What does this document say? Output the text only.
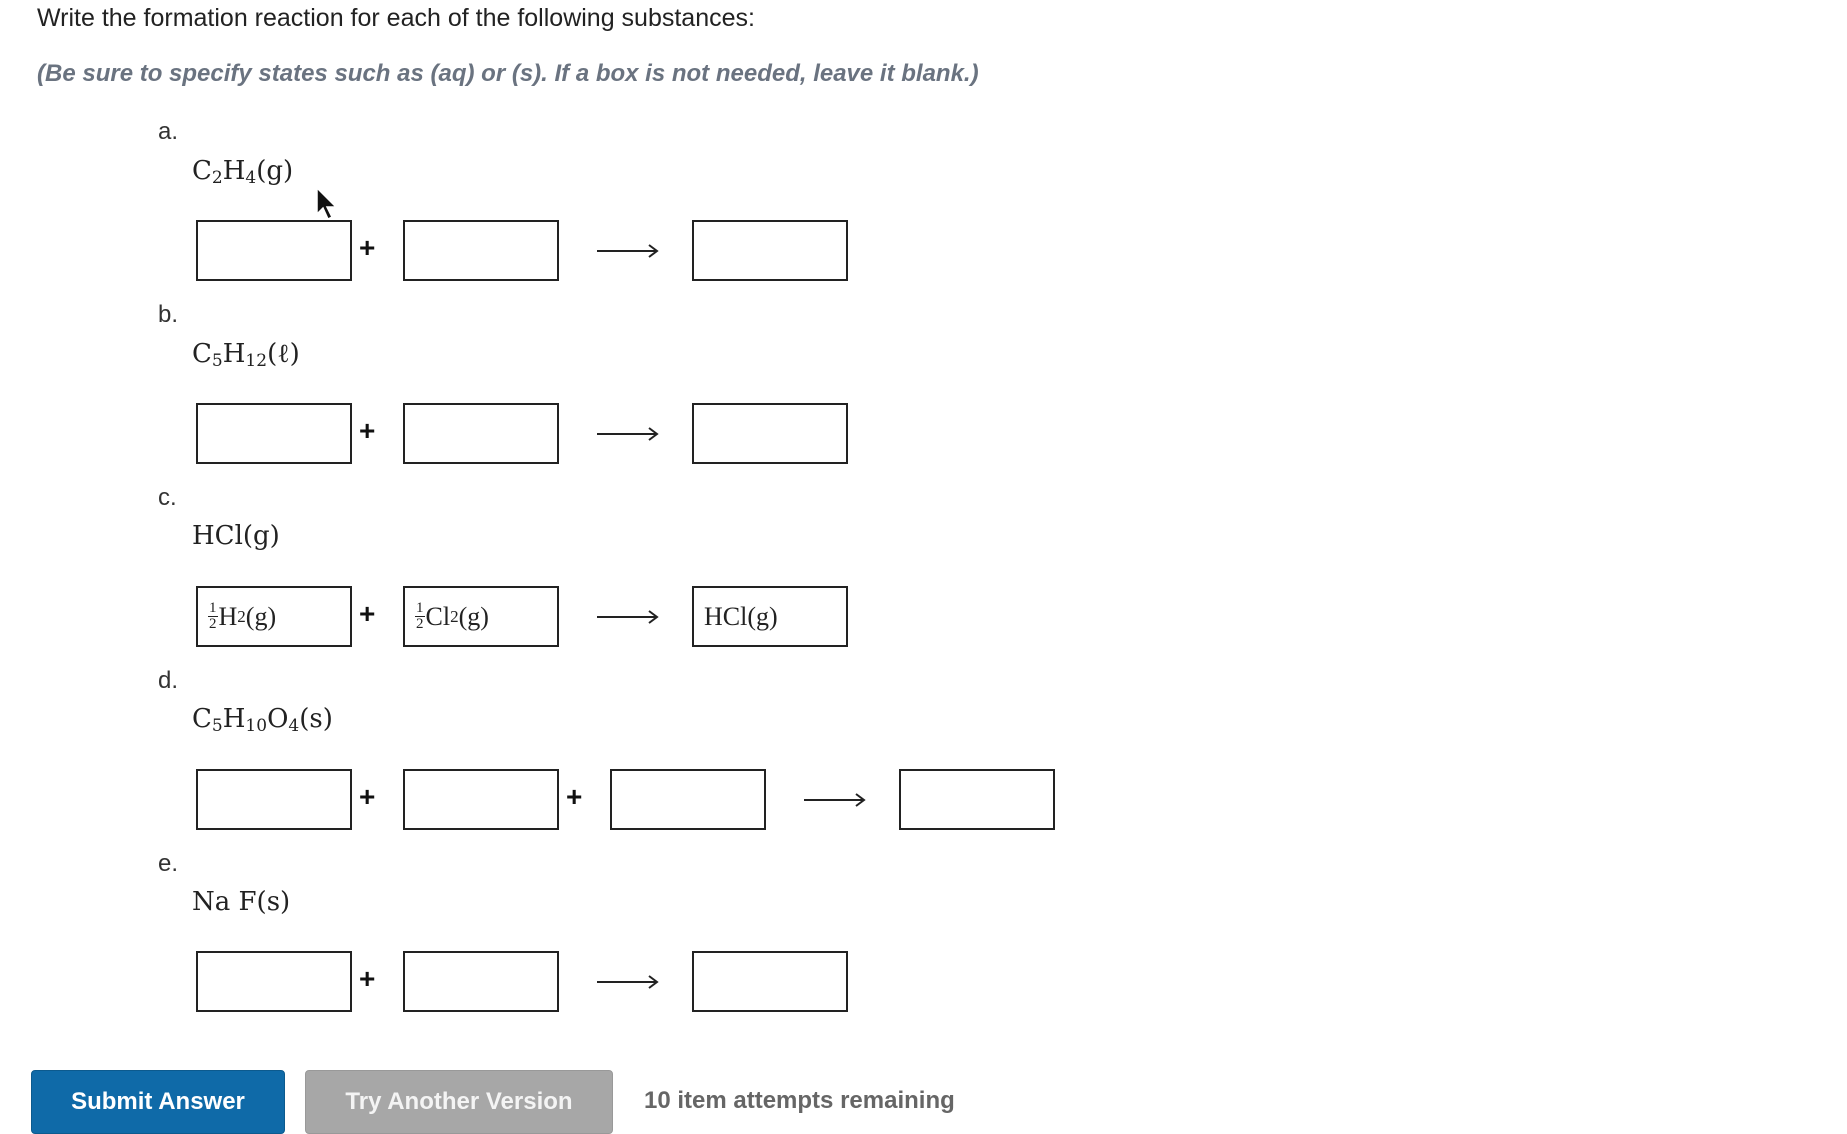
Write the formation reaction for each of the following substances:
(Be sure to specify states such as (aq) or (s). If a box is not needed, leave it blank.)
a.
$C_2H_4(g)$
+
b.
$C_5H_{12}(\ell)$
+
c.
HCl(g)
$\frac{1}{2}$ H 2 (g)	+	$\frac{1}{2}$ Cl 2 (g)	HCl(g)
d.
$C_5H_{10}O_4(s)$
+	+
e.
Na F(s)
+
Submit Answer	Try Another Version	10 item attempts remaining
